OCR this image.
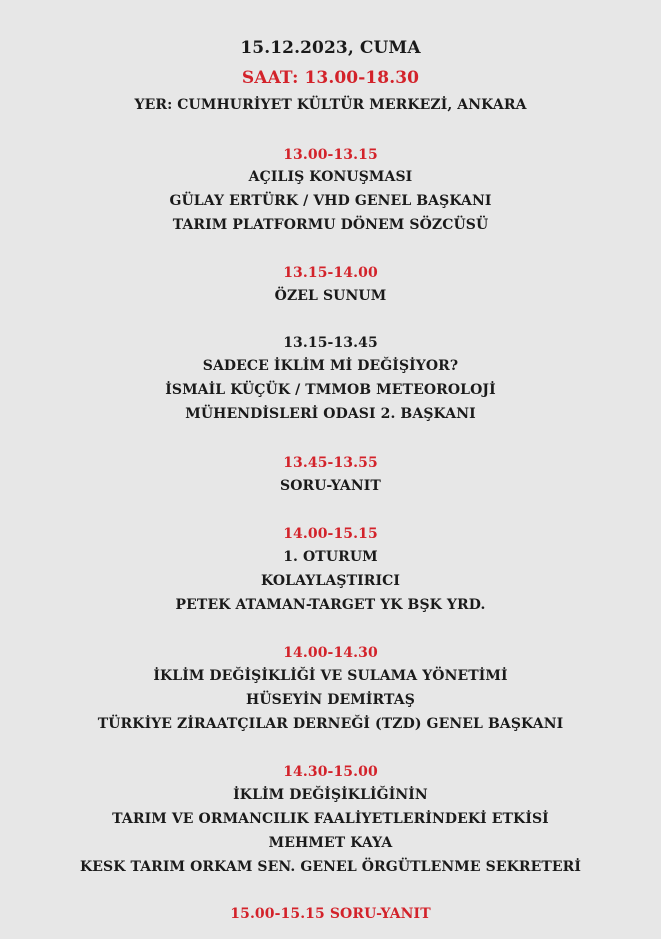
15.12.2023, CUMA
SAAT: 13.00-18.30
YER: CUMHURİYET KÜLTÜR MERKEZİ, ANKARA
13.00-13.15
AÇILIŞ KONUŞMASI
GÜLAY ERTÜRK / VHD GENEL BAŞKANI
TARIM PLATFORMU DÖNEM SÖZCÜSÜ
13.15-14.00
ÖZEL SUNUM
13.15-13.45
SADECE İKLİM Mİ DEĞİŞİYOR?
İSMAİL KÜÇÜK / TMMOB METEOROLOJİ
MÜHENDİSLERİ ODASI 2. BAŞKANI
13.45-13.55
SORU-YANIT
14.00-15.15
1. OTURUM
KOLAYLAŞTIRICI
PETEK ATAMAN-TARGET YK BŞK YRD.
14.00-14.30
İKLİM DEĞİŞİKLİĞİ VE SULAMA YÖNETİMİ
HÜSEYİN DEMİRTAŞ
TÜRKİYE ZİRAATÇILAR DERNEĞİ (TZD) GENEL BAŞKANI
14.30-15.00
İKLİM DEĞİŞİKLİĞİNİN
TARIM VE ORMANCILIK FAALİYETLERİNDEKİ ETKİSİ
MEHMET KAYA
KESK TARIM ORKAM SEN. GENEL ÖRGÜTLENME SEKRETERİ
15.00-15.15 SORU-YANIT
